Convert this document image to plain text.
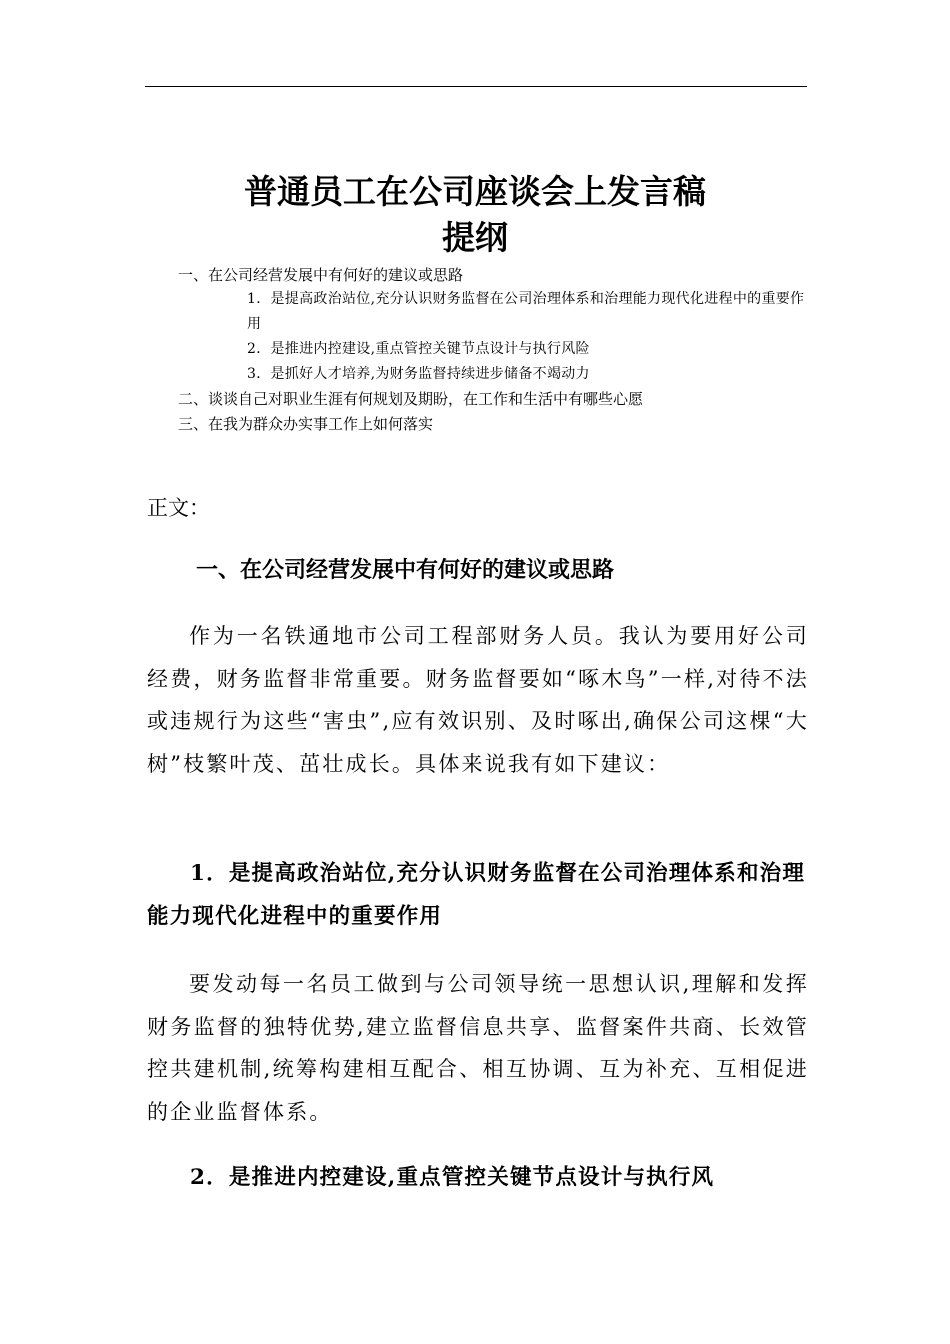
普通员工在公司座谈会上发言稿
提纲
一、在公司经营发展中有何好的建议或思路
1．是提高政治站位,充分认识财务监督在公司治理体系和治理能力现代化进程中的重要作用
2．是推进内控建设,重点管控关键节点设计与执行风险
3．是抓好人才培养,为财务监督持续进步储备不竭动力
二、谈谈自己对职业生涯有何规划及期盼，在工作和生活中有哪些心愿
三、在我为群众办实事工作上如何落实
正文：
一、在公司经营发展中有何好的建议或思路
作为一名铁通地市公司工程部财务人员。我认为要用好公司经费，财务监督非常重要。财务监督要如“啄木鸟”一样,对待不法或违规行为这些“害虫”,应有效识别、及时啄出,确保公司这棵“大树”枝繁叶茂、茁壮成长。具体来说我有如下建议：
1．是提高政治站位,充分认识财务监督在公司治理体系和治理能力现代化进程中的重要作用
要发动每一名员工做到与公司领导统一思想认识,理解和发挥财务监督的独特优势,建立监督信息共享、监督案件共商、长效管控共建机制,统筹构建相互配合、相互协调、互为补充、互相促进的企业监督体系。
2．是推进内控建设,重点管控关键节点设计与执行风
